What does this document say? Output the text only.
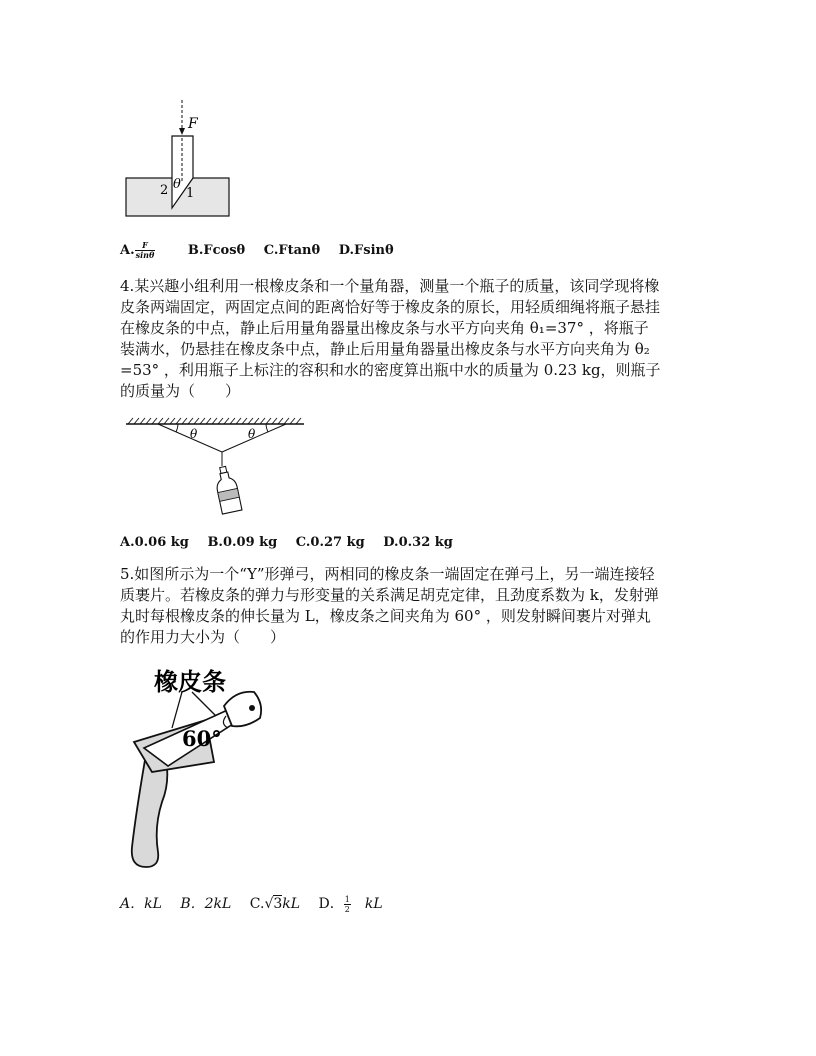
F
θ
2 1
A. $\frac{F}{\sin\theta} B.Fcos\theta$ C.Ftanθ D.Fsinθ
4.某兴趣小组利用一根橡皮条和一个量角器，测量一个瓶子的质量，该同学现将橡
皮条两端固定，两固定点间的距离恰好等于橡皮条的原长，用轻质细绳将瓶子悬挂
在橡皮条的中点，静止后用量角器量出橡皮条与水平方向夹角 θ₁=37° ，将瓶子
装满水，仍悬挂在橡皮条中点，静止后用量角器量出橡皮条与水平方向夹角为 θ₂
=53° ，利用瓶子上标注的容积和水的密度算出瓶中水的质量为 0.23 kg，则瓶子
的质量为（　　）
θ	θ
A.0.06 kg B.0.09 kg C.0.27 kg D.0.32 kg
5.如图所示为一个“Y”形弹弓，两相同的橡皮条一端固定在弹弓上，另一端连接轻
质裹片。若橡皮条的弹力与形变量的关系满足胡克定律，且劲度系数为 k，发射弹
丸时每根橡皮条的伸长量为 L，橡皮条之间夹角为 60° ，则发射瞬间裹片对弹丸
的作用力大小为（　　）
橡皮条
60°
A．kL B．2kL C.√3kL D． $\frac{1}{2}$ kL
